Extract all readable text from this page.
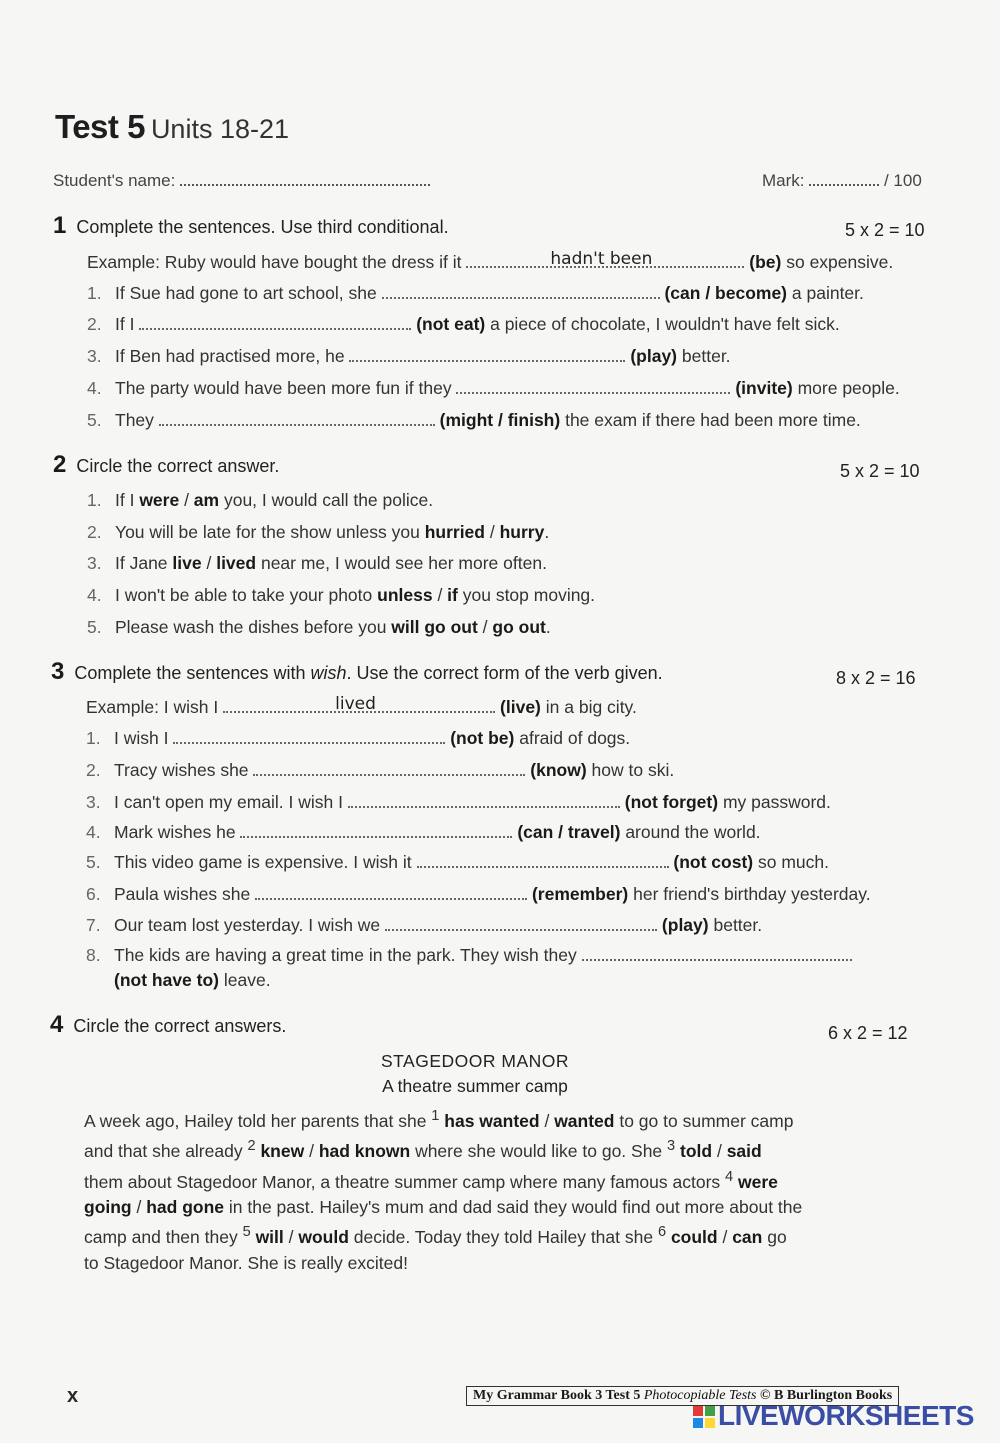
Test 5 Units 18-21
Student's name:	Mark:	/ 100
1 Complete the sentences. Use third conditional.	5 x 2 = 10
Example: Ruby would have bought the dress if it	hadn't been	(be) so expensive.
1. If Sue had gone to art school, she	(can / become) a painter.
2. If I	(not eat) a piece of chocolate, I wouldn't have felt sick.
3. If Ben had practised more, he	(play) better.
4. The party would have been more fun if they	(invite) more people.
5. They	(might / finish) the exam if there had been more time.
2 Circle the correct answer.	5 x 2 = 10
1. If I were / am you, I would call the police.
2. You will be late for the show unless you hurried / hurry.
3. If Jane live / lived near me, I would see her more often.
4. I won't be able to take your photo unless / if you stop moving.
5. Please wash the dishes before you will go out / go out.
3 Complete the sentences with wish. Use the correct form of the verb given.	8 x 2 = 16
Example: I wish I	lived	(live) in a big city.
1. I wish I	(not be) afraid of dogs.
2. Tracy wishes she	(know) how to ski.
3. I can't open my email. I wish I	(not forget) my password.
4. Mark wishes he	(can / travel) around the world.
5. This video game is expensive. I wish it	(not cost) so much.
6. Paula wishes she	(remember) her friend's birthday yesterday.
7. Our team lost yesterday. I wish we	(play) better.
8. The kids are having a great time in the park. They wish they
(not have to) leave.
4 Circle the correct answers.	6 x 2 = 12
STAGEDOOR MANOR
A theatre summer camp
A week ago, Hailey told her parents that she $^1$ has wanted / wanted to go to summer camp and that she already $^2$ knew / had known where she would like to go. She $^3$ told / said them about Stagedoor Manor, a theatre summer camp where many famous actors $^4$ were going / had gone in the past. Hailey's mum and dad said they would find out more about the camp and then they $^5$ will / would decide. Today they told Hailey that she $^6$ could / can go to Stagedoor Manor. She is really excited!
x	My Grammar Book 3 Test 5 Photocopiable Tests © B Burlington Books
LIVEWORKSHEETS
